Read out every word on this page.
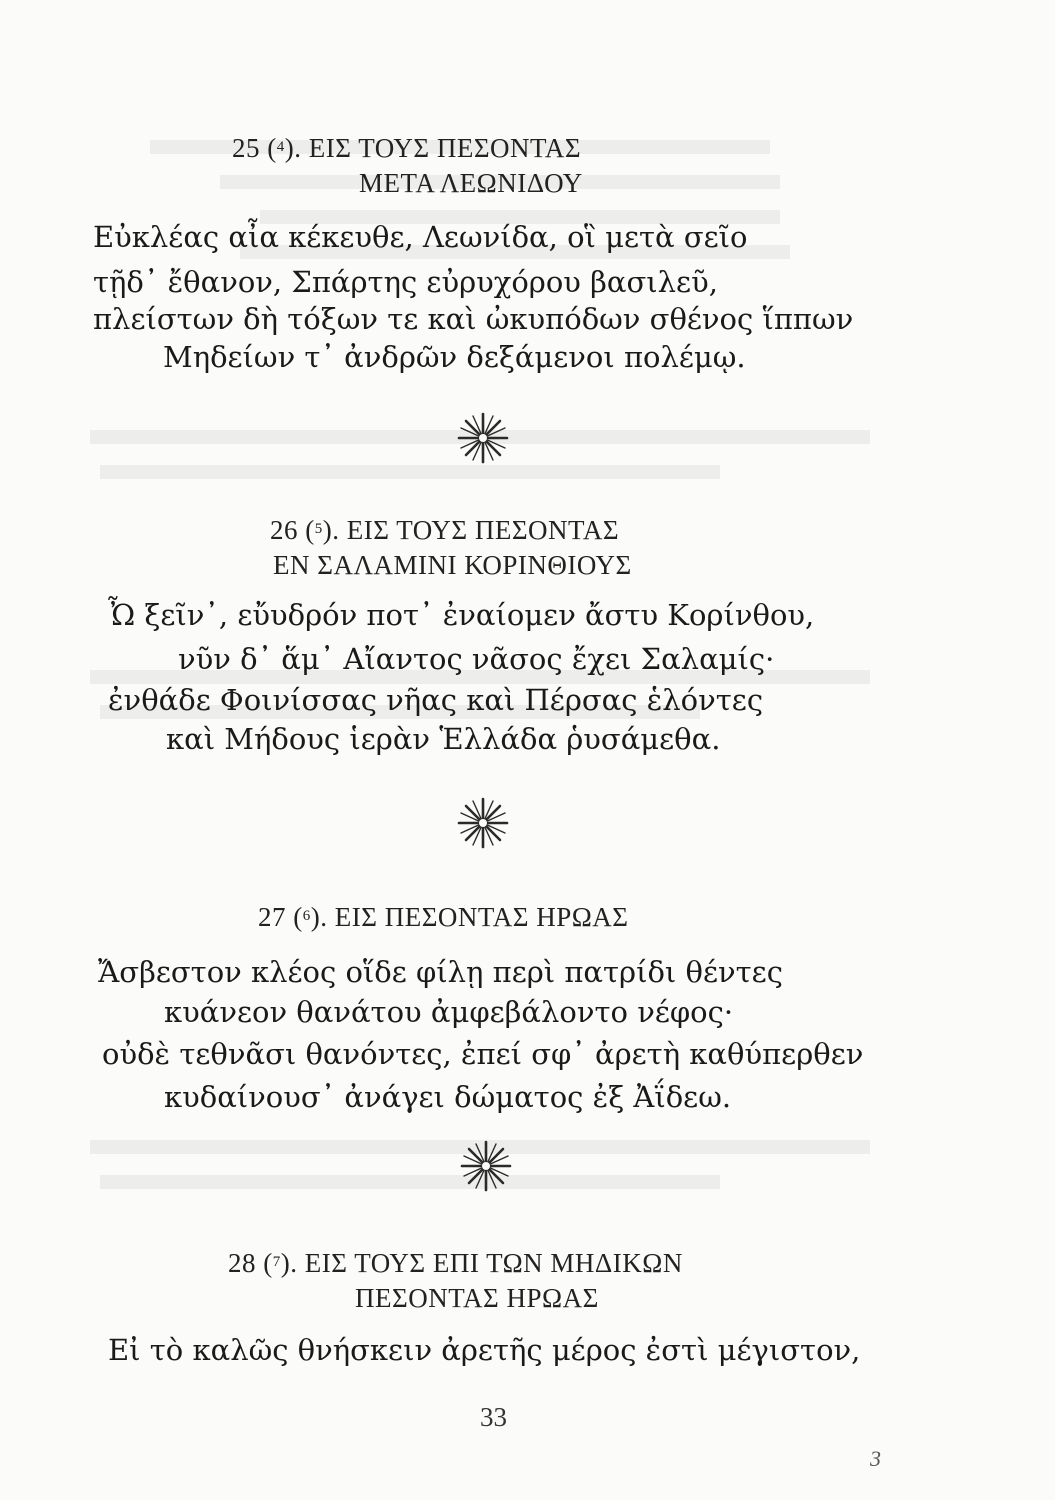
25 ($^4$). ΕΙΣ ΤΟΥΣ ΠΕΣΟΝΤΑΣ
ΜΕΤΑ ΛΕΩΝΙΔΟΥ
Εὐκλέας αἶα κέκευθε, Λεωνίδα, οἳ μετὰ σεῖο
τῇδ᾿ ἔθανον, Σπάρτης εὐρυχόρου βασιλεῦ,
πλείστων δὴ τόξων τε καὶ ὠκυπόδων σθένος ἵππων
Μηδείων τ᾿ ἀνδρῶν δεξάμενοι πολέμῳ.
26 ($^5$). ΕΙΣ ΤΟΥΣ ΠΕΣΟΝΤΑΣ
ΕΝ ΣΑΛΑΜΙΝΙ ΚΟΡΙΝΘΙΟΥΣ
Ὦ ξεῖν᾿, εὔυδρόν ποτ᾿ ἐναίομεν ἄστυ Κορίνθου,
νῦν δ᾿ ἅμ᾿ Αἴαντος νᾶσος ἔχει Σαλαμίς·
ἐνθάδε Φοινίσσας νῆας καὶ Πέρσας ἑλόντες
καὶ Μήδους ἱερὰν Ἑλλάδα ῥυσάμεθα.
27 ($^6$). ΕΙΣ ΠΕΣΟΝΤΑΣ ΗΡΩΑΣ
Ἄσβεστον κλέος οἵδε φίλῃ περὶ πατρίδι θέντες
κυάνεον θανάτου ἀμφεβάλοντο νέφος·
οὐδὲ τεθνᾶσι θανόντες, ἐπεί σφ᾿ ἀρετὴ καθύπερθεν
κυδαίνουσ᾿ ἀνάγει δώματος ἐξ Ἀΐδεω.
28 ($^7$). ΕΙΣ ΤΟΥΣ ΕΠΙ ΤΩΝ ΜΗΔΙΚΩΝ
ΠΕΣΟΝΤΑΣ ΗΡΩΑΣ
Εἰ τὸ καλῶς θνήσκειν ἀρετῆς μέρος ἐστὶ μέγιστον,
33
3
